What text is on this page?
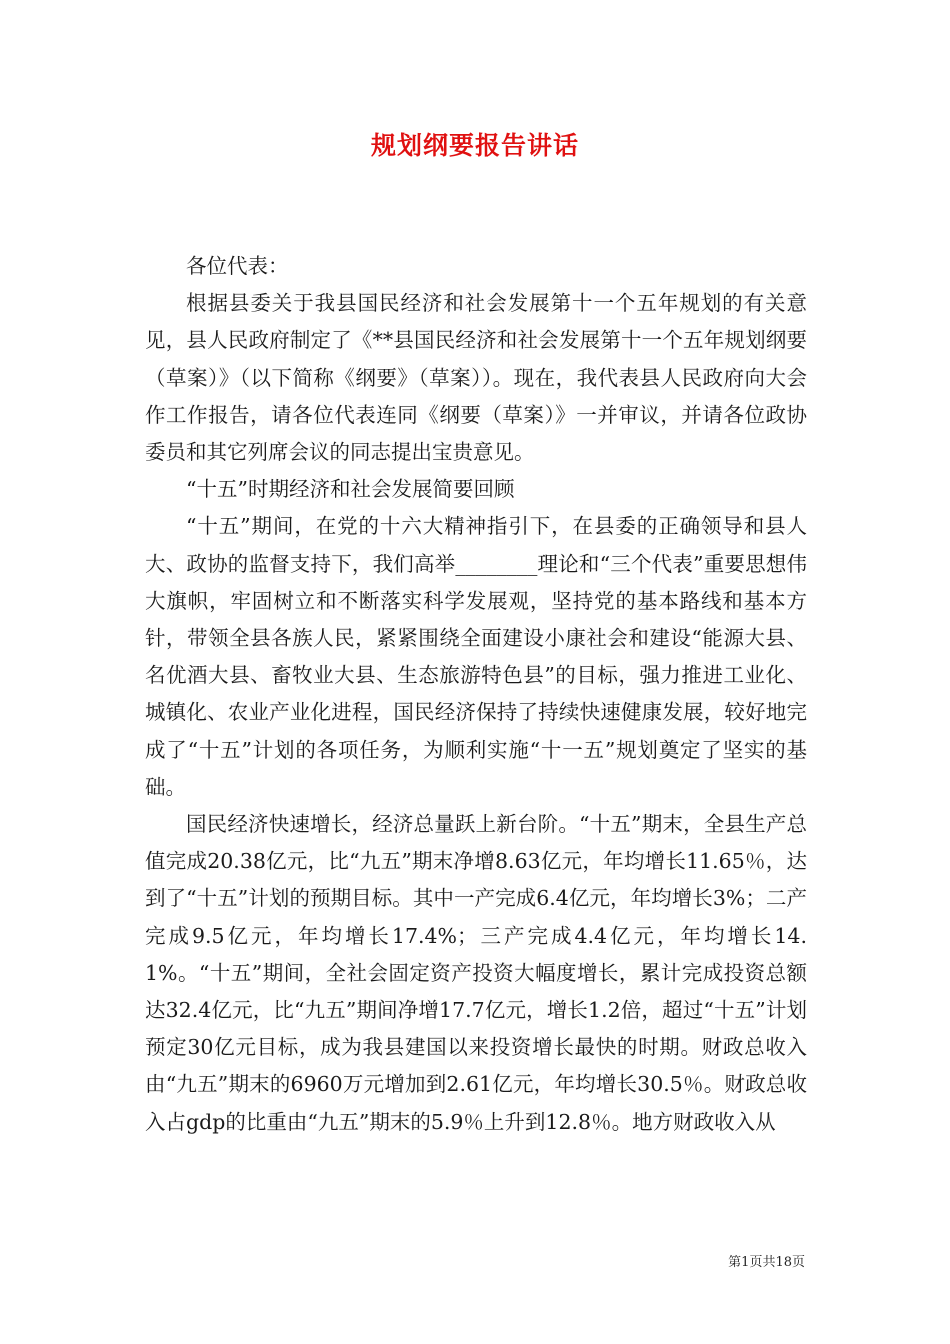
规划纲要报告讲话

各位代表：

根据县委关于我县国民经济和社会发展第十一个五年规划的有关意见，县人民政府制定了《**县国民经济和社会发展第十一个五年规划纲要（草案）》（以下简称《纲要》（草案））。现在，我代表县人民政府向大会作工作报告，请各位代表连同《纲要（草案）》一并审议，并请各位政协委员和其它列席会议的同志提出宝贵意见。

“十五”时期经济和社会发展简要回顾

“十五”期间，在党的十六大精神指引下，在县委的正确领导和县人大、政协的监督支持下，我们高举________理论和“三个代表”重要思想伟大旗帜，牢固树立和不断落实科学发展观，坚持党的基本路线和基本方针，带领全县各族人民，紧紧围绕全面建设小康社会和建设“能源大县、名优酒大县、畜牧业大县、生态旅游特色县”的目标，强力推进工业化、城镇化、农业产业化进程，国民经济保持了持续快速健康发展，较好地完成了“十五”计划的各项任务，为顺利实施“十一五”规划奠定了坚实的基础。

国民经济快速增长，经济总量跃上新台阶。“十五”期末，全县生产总值完成20.38亿元，比“九五”期末净增8.63亿元，年均增长11.65％，达到了“十五”计划的预期目标。其中一产完成6.4亿元，年均增长3%；二产完成9.5亿元，年均增长17.4%；三产完成4.4亿元，年均增长14.1%。“十五”期间，全社会固定资产投资大幅度增长，累计完成投资总额达32.4亿元，比“九五”期间净增17.7亿元，增长1.2倍，超过“十五”计划预定30亿元目标，成为我县建国以来投资增长最快的时期。财政总收入由“九五”期末的6960万元增加到2.61亿元，年均增长30.5％。财政总收入占gdp的比重由“九五”期末的5.9％上升到12.8％。地方财政收入从

第1页共18页
